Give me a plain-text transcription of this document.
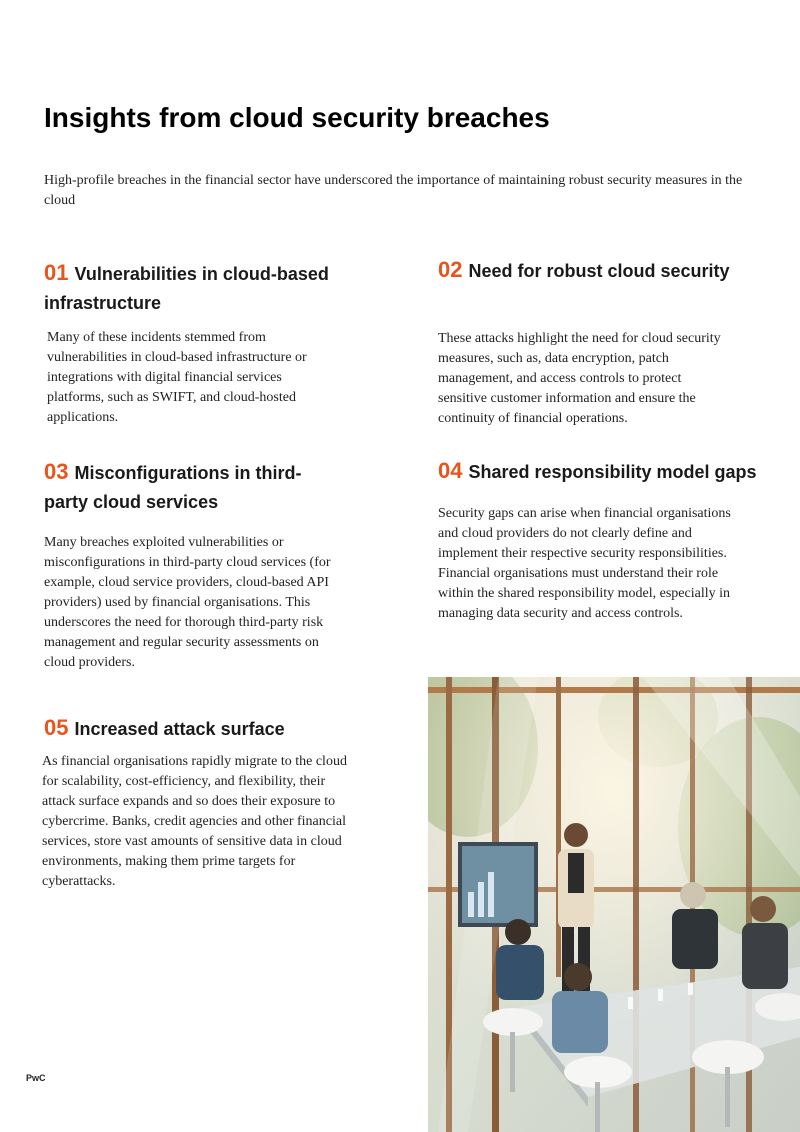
Insights from cloud security breaches

High-profile breaches in the financial sector have underscored the importance of maintaining robust security measures in the cloud

01 Vulnerabilities in cloud-based infrastructure

Many of these incidents stemmed from vulnerabilities in cloud-based infrastructure or integrations with digital financial services platforms, such as SWIFT, and cloud-hosted applications.

02 Need for robust cloud security

These attacks highlight the need for cloud security measures, such as, data encryption, patch management, and access controls to protect sensitive customer information and ensure the continuity of financial operations.

03 Misconfigurations in third-party cloud services

Many breaches exploited vulnerabilities or misconfigurations in third-party cloud services (for example, cloud service providers, cloud-based API providers) used by financial organisations. This underscores the need for thorough third-party risk management and regular security assessments on cloud providers.

04 Shared responsibility model gaps

Security gaps can arise when financial organisations and cloud providers do not clearly define and implement their respective security responsibilities. Financial organisations must understand their role within the shared responsibility model, especially in managing data security and access controls.

05 Increased attack surface

As financial organisations rapidly migrate to the cloud for scalability, cost-efficiency, and flexibility, their attack surface expands and so does their exposure to cybercrime. Banks, credit agencies and other financial services, store vast amounts of sensitive data in cloud environments, making them prime targets for cyberattacks.

PwC
